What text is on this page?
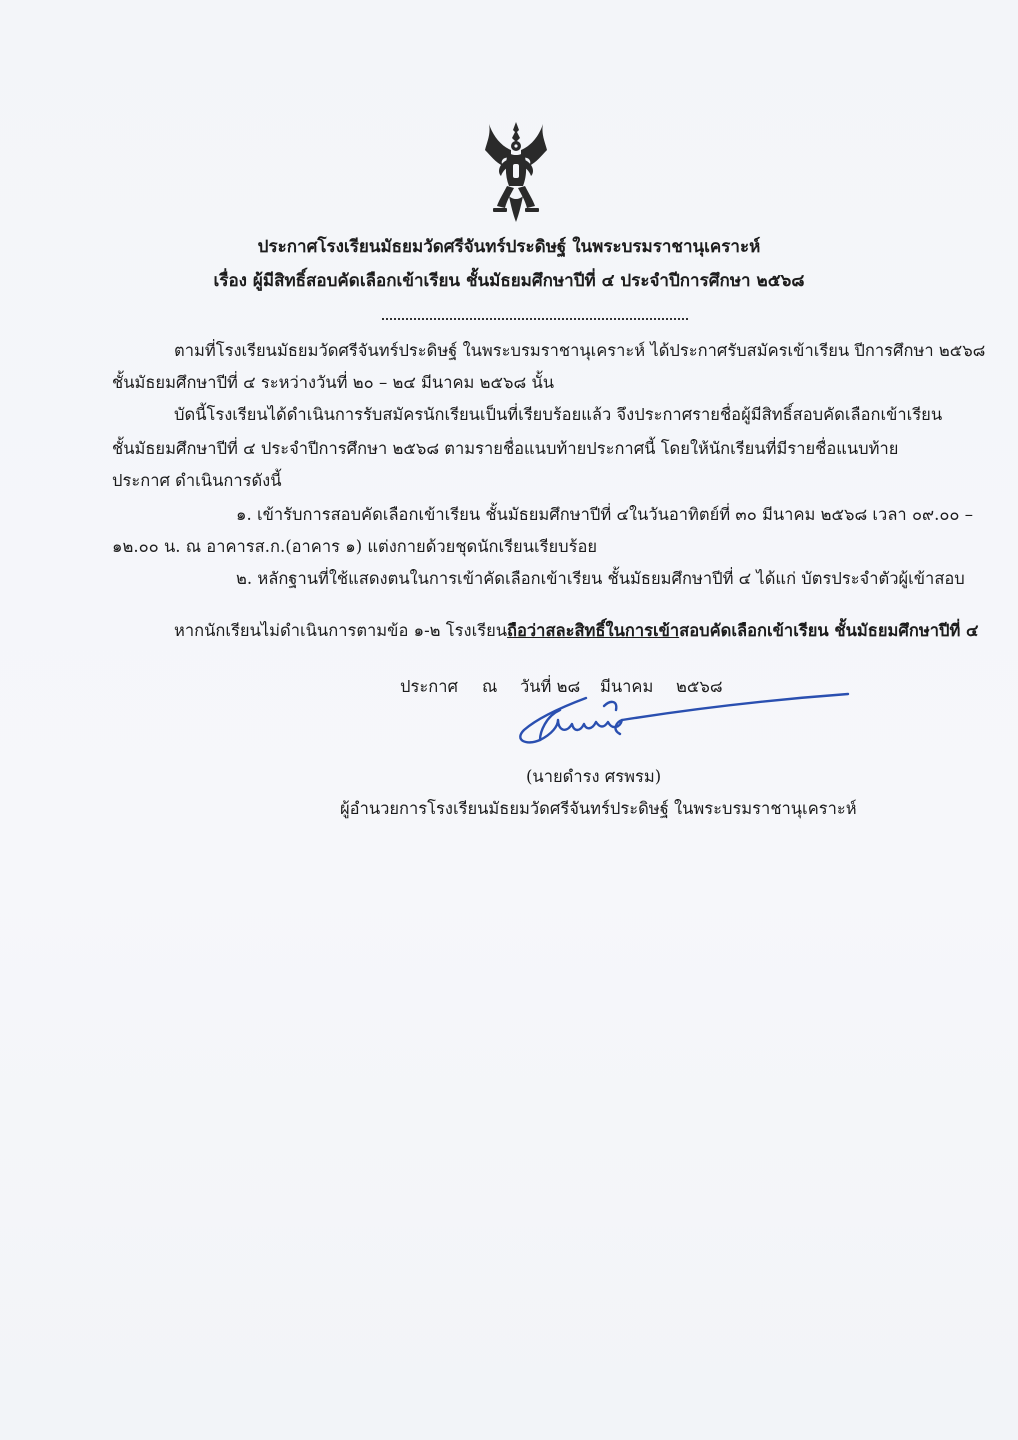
ประกาศโรงเรียนมัธยมวัดศรีจันทร์ประดิษฐ์ ในพระบรมราชานุเคราะห์
เรื่อง ผู้มีสิทธิ์สอบคัดเลือกเข้าเรียน ชั้นมัธยมศึกษาปีที่ ๔ ประจำปีการศึกษา ๒๕๖๘
ตามที่โรงเรียนมัธยมวัดศรีจันทร์ประดิษฐ์ ในพระบรมราชานุเคราะห์ ได้ประกาศรับสมัครเข้าเรียน ปีการศึกษา ๒๕๖๘
ชั้นมัธยมศึกษาปีที่ ๔ ระหว่างวันที่ ๒๐ – ๒๔ มีนาคม ๒๕๖๘ นั้น
บัดนี้โรงเรียนได้ดำเนินการรับสมัครนักเรียนเป็นที่เรียบร้อยแล้ว จึงประกาศรายชื่อผู้มีสิทธิ์สอบคัดเลือกเข้าเรียน
ชั้นมัธยมศึกษาปีที่ ๔ ประจำปีการศึกษา ๒๕๖๘ ตามรายชื่อแนบท้ายประกาศนี้ โดยให้นักเรียนที่มีรายชื่อแนบท้าย
ประกาศ ดำเนินการดังนี้
๑. เข้ารับการสอบคัดเลือกเข้าเรียน ชั้นมัธยมศึกษาปีที่ ๔ในวันอาทิตย์ที่ ๓๐ มีนาคม ๒๕๖๘ เวลา ๐๙.๐๐ –
๑๒.๐๐ น. ณ อาคารส.ก.(อาคาร ๑) แต่งกายด้วยชุดนักเรียนเรียบร้อย
๒. หลักฐานที่ใช้แสดงตนในการเข้าคัดเลือกเข้าเรียน ชั้นมัธยมศึกษาปีที่ ๔ ได้แก่ บัตรประจำตัวผู้เข้าสอบ
หากนักเรียนไม่ดำเนินการตามข้อ ๑-๒ โรงเรียนถือว่าสละสิทธิ์ในการเข้าสอบคัดเลือกเข้าเรียน ชั้นมัธยมศึกษาปีที่ ๔
ประกาศ ณ วันที่ ๒๘ มีนาคม ๒๕๖๘
(นายดำรง ศรพรม)
ผู้อำนวยการโรงเรียนมัธยมวัดศรีจันทร์ประดิษฐ์ ในพระบรมราชานุเคราะห์
